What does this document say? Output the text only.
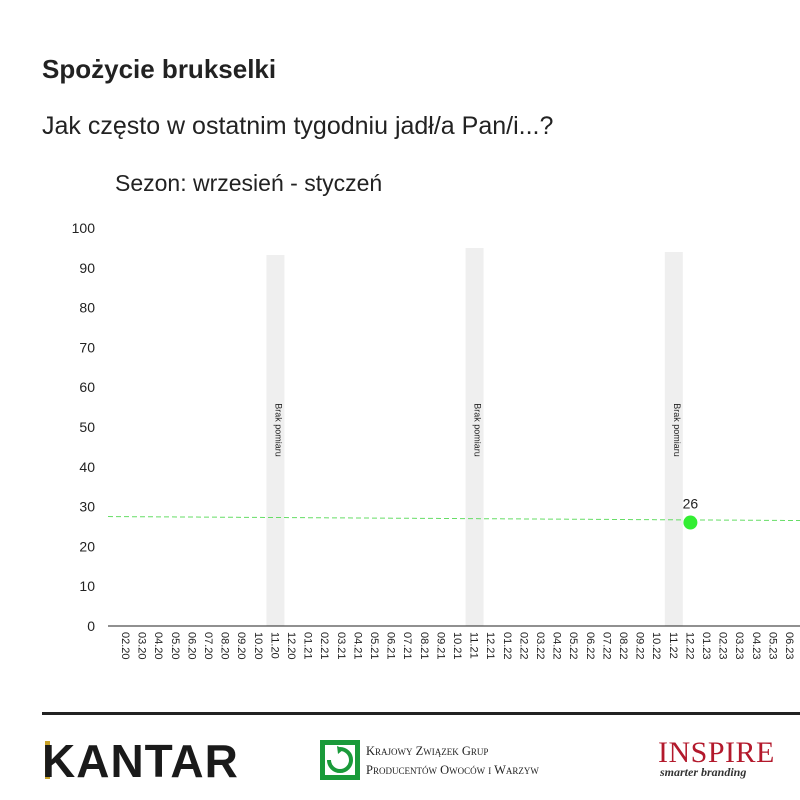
Spożycie brukselki

Jak często w ostatnim tygodniu jadł/a Pan/i...?

Sezon: wrzesień - styczeń

Brak pomiaru	Brak pomiaru	Brak pomiaru
0
10
20
30
40
50
60
70
80
90
100
02.20 03.20 04.20 05.20 06.20 07.20 08.20 09.20 10.20 11.20 12.20 01.21 02.21 03.21 04.21 05.21 06.21 07.21 08.21 09.21 10.21 11.21 12.21 01.22 02.22 03.22 04.22 05.22 06.22 07.22 08.22 09.22 10.22 11.22 12.22 01.23 02.23 03.23 04.23 05.23 06.23
26
KANTAR	Krajowy Związek Grup
Producentów Owoców i Warzyw
INSPIRE
smarter branding
